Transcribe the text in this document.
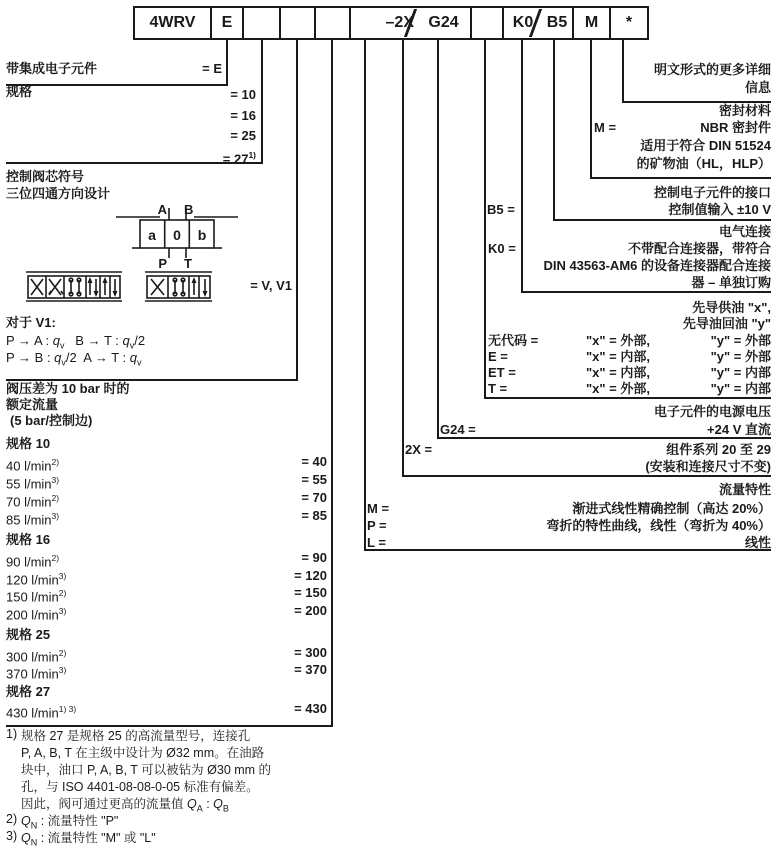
4WRV	E	–2X G24	K0 B5	M	*
带集成电子元件	= E
规格	= 10
= 16
= 25
= $27^{1)}$
控制阀芯符号
三位四通方向设计
A B
a 0 b
P T
= V, V1
对于 V1:
P → A : $q_v$   B → T : $q_v/2$
P → B : $q_v/2$  A → T : $q_v$
阀压差为 10 bar 时的
额定流量
(5 bar/控制边)
规格 10
40 $l/\min^{2)}$	= 40
55 $l/\min^{3)}$	= 55
70 $l/\min^{2)}$	= 70
85 $l/\min^{3)}$	= 85
规格 16
90 $l/\min^{2)}$	= 90
120 $l/\min^{3)}$	= 120
150 $l/\min^{2)}$	= 150
200 $l/\min^{3)}$	= 200
规格 25
300 $l/\min^{2)}$	= 300
370 $l/\min^{3)}$	= 370
规格 27
430 $l/\min^{1) 3)}$	= 430
1) 规格 27 是规格 25 的高流量型号，连接孔
P, A, B, T 在主级中设计为 Ø32 mm。在油路
块中，油口 P, A, B, T 可以被钻为 Ø30 mm 的
孔，与 ISO 4401-08-08-0-05 标准有偏差。
因此，阀可通过更高的流量值 $Q_A$ : $Q_B$
2) $Q_N$ : 流量特性 "P"
3) $Q_N$ : 流量特性 "M" 或 "L"
明文形式的更多详细
信息
密封材料
M =	NBR 密封件
适用于符合 DIN 51524
的矿物油（HL，HLP）
控制电子元件的接口
B5 =	控制值输入 ±10 V
电气连接
K0 =	不带配合连接器，带符合
DIN 43563-AM6 的设备连接器配合连接
器 – 单独订购
先导供油 "x",
先导油回油 "y"
无代码 =	"x" = 外部,	"y" = 外部
E =	"x" = 内部,	"y" = 外部
ET =	"x" = 内部,	"y" = 内部
T =	"x" = 外部,	"y" = 内部
电子元件的电源电压
G24 =	+24 V 直流
2X =	组件系列 20 至 29
(安装和连接尺寸不变)
流量特性
M =	渐进式线性精确控制（高达 20%）
P =	弯折的特性曲线，线性（弯折为 40%）
L =	线性
